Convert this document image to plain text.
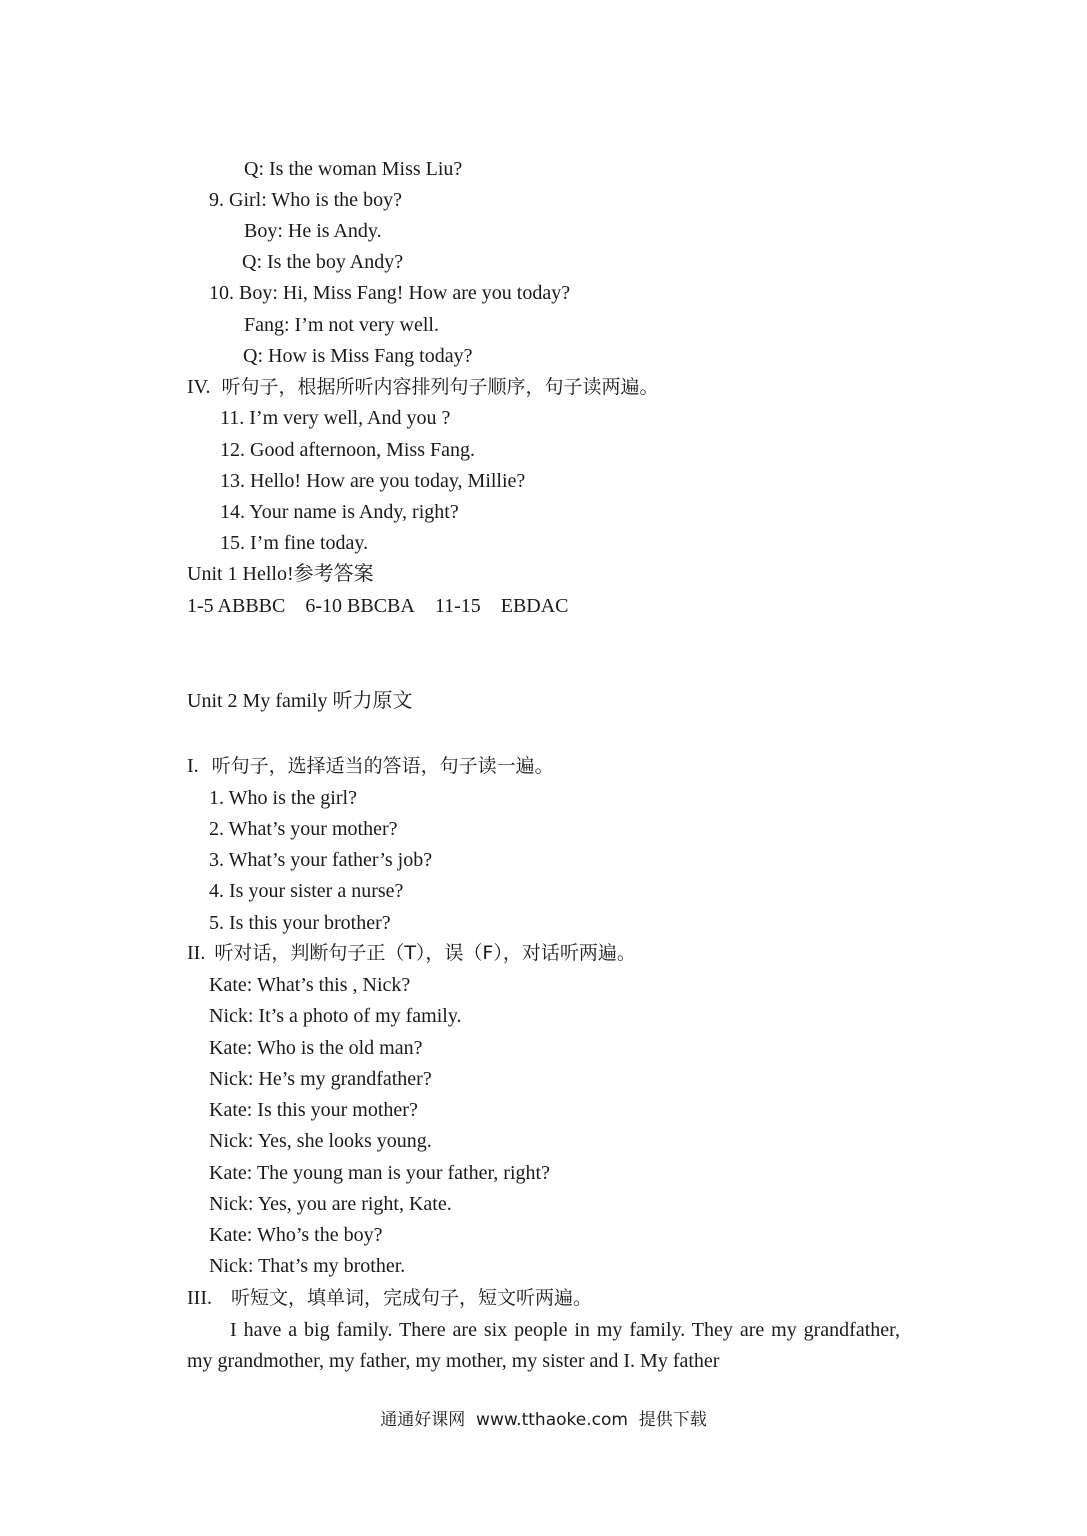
Q: Is the woman Miss Liu?
9. Girl: Who is the boy?
Boy: He is Andy.
Q: Is the boy Andy?
10. Boy: Hi, Miss Fang! How are you today?
Fang: I’m not very well.
Q: How is Miss Fang today?
IV. 听句子，根据所听内容排列句子顺序，句子读两遍。
11. I’m very well, And you ?
12. Good afternoon, Miss Fang.
13. Hello! How are you today, Millie?
14. Your name is Andy, right?
15. I’m fine today.
Unit 1 Hello!参考答案
1-5 ABBBC    6-10 BBCBA    11-15    EBDAC
Unit 2 My family 听力原文
I. 听句子，选择适当的答语，句子读一遍。
1. Who is the girl?
2. What’s your mother?
3. What’s your father’s job?
4. Is your sister a nurse?
5. Is this your brother?
II. 听对话，判断句子正（T），误（F），对话听两遍。
Kate: What’s this , Nick?
Nick: It’s a photo of my family.
Kate: Who is the old man?
Nick: He’s my grandfather?
Kate: Is this your mother?
Nick: Yes, she looks young.
Kate: The young man is your father, right?
Nick: Yes, you are right, Kate.
Kate: Who’s the boy?
Nick: That’s my brother.
III. 听短文，填单词，完成句子，短文听两遍。
I have a big family. There are six people in my family. They are my grandfather, my grandmother, my father, my mother, my sister and I. My father
通通好课网  www.tthaoke.com  提供下载
